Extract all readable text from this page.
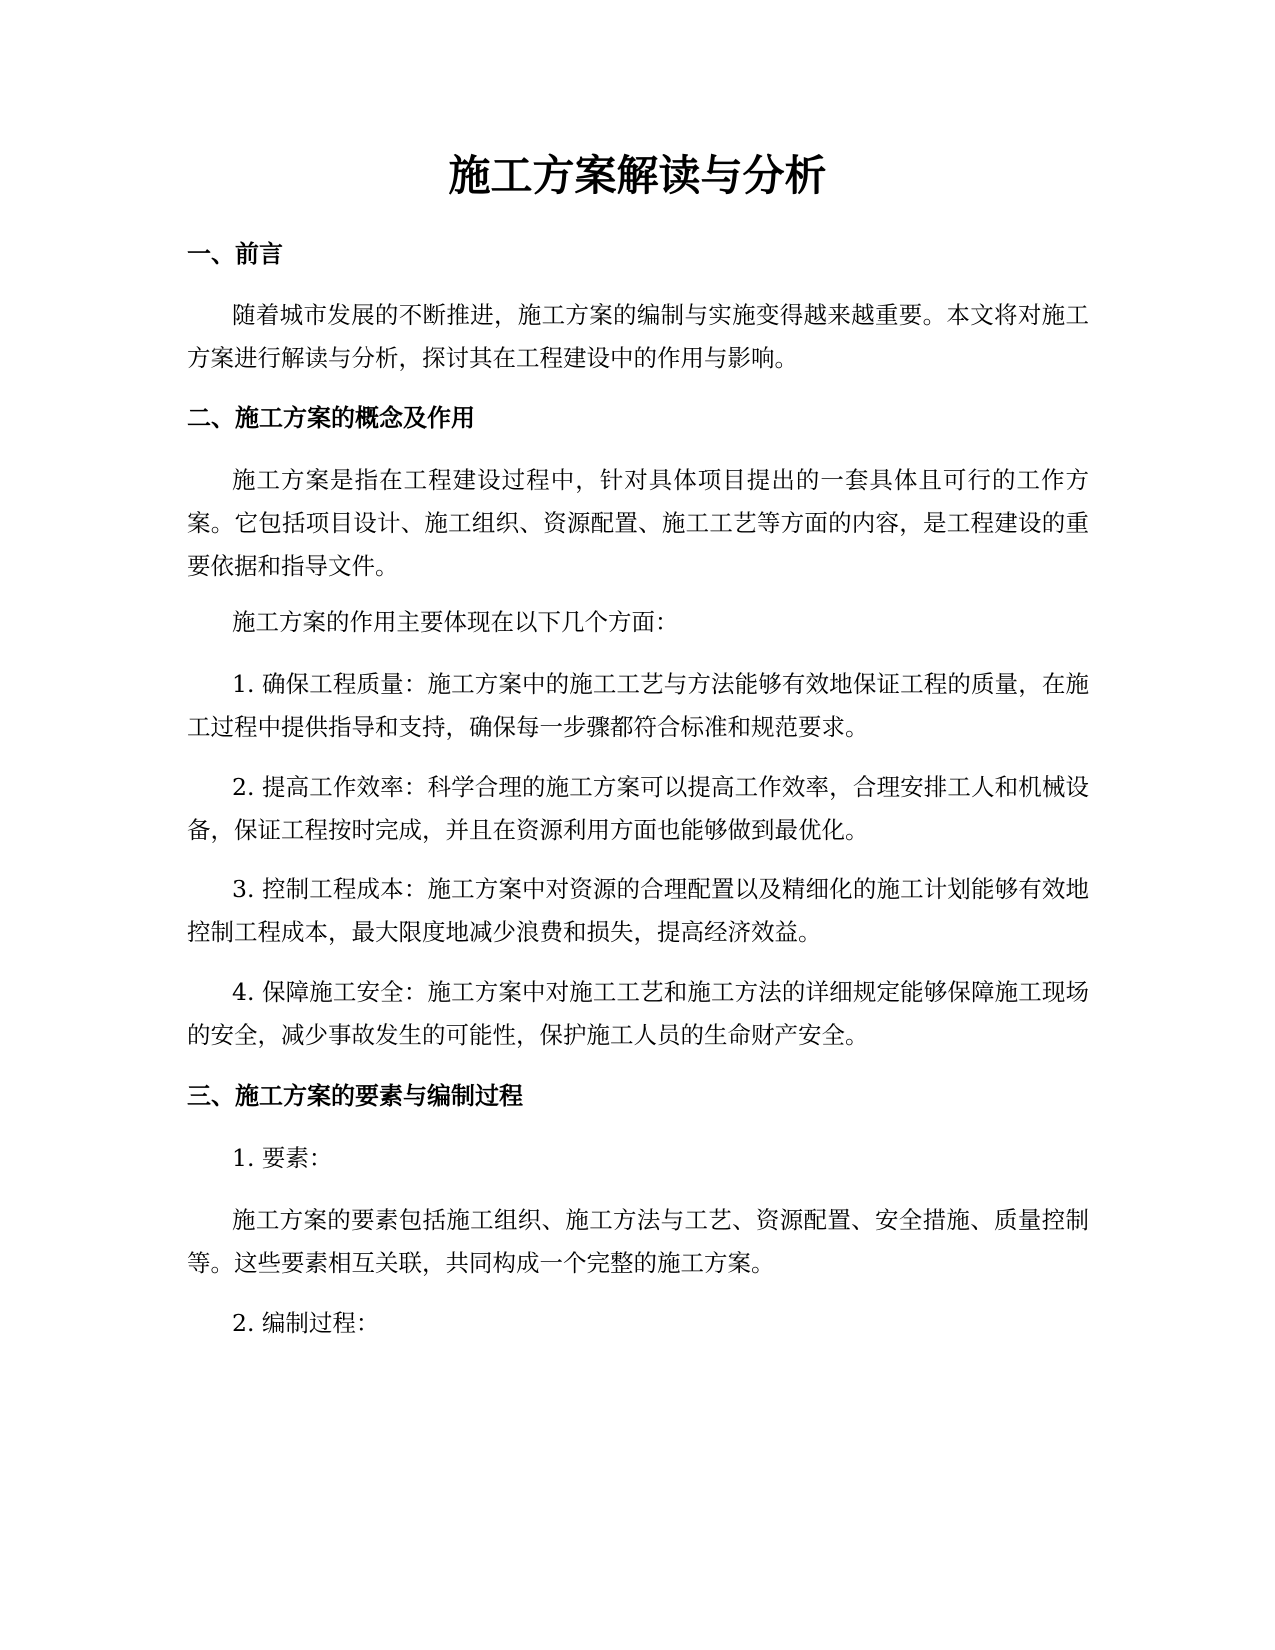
施工方案解读与分析
一、前言

随着城市发展的不断推进，施工方案的编制与实施变得越来越重要。本文将对施工方案进行解读与分析，探讨其在工程建设中的作用与影响。

二、施工方案的概念及作用

施工方案是指在工程建设过程中，针对具体项目提出的一套具体且可行的工作方案。它包括项目设计、施工组织、资源配置、施工工艺等方面的内容，是工程建设的重要依据和指导文件。

施工方案的作用主要体现在以下几个方面：

1. 确保工程质量：施工方案中的施工工艺与方法能够有效地保证工程的质量，在施工过程中提供指导和支持，确保每一步骤都符合标准和规范要求。

2. 提高工作效率：科学合理的施工方案可以提高工作效率，合理安排工人和机械设备，保证工程按时完成，并且在资源利用方面也能够做到最优化。

3. 控制工程成本：施工方案中对资源的合理配置以及精细化的施工计划能够有效地控制工程成本，最大限度地减少浪费和损失，提高经济效益。

4. 保障施工安全：施工方案中对施工工艺和施工方法的详细规定能够保障施工现场的安全，减少事故发生的可能性，保护施工人员的生命财产安全。

三、施工方案的要素与编制过程

1. 要素：

施工方案的要素包括施工组织、施工方法与工艺、资源配置、安全措施、质量控制等。这些要素相互关联，共同构成一个完整的施工方案。

2. 编制过程：
